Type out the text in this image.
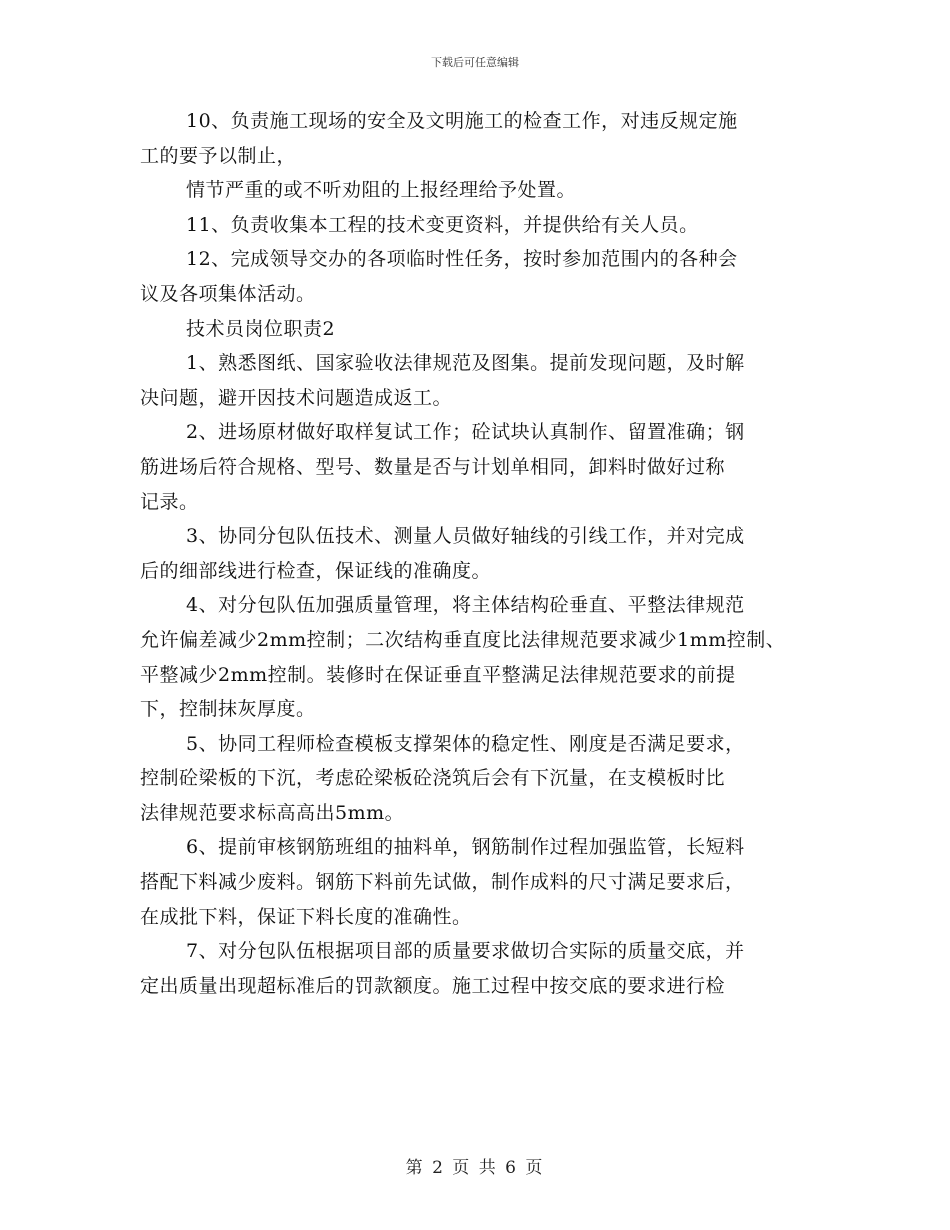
下载后可任意编辑
10、负责施工现场的安全及文明施工的检查工作，对违反规定施
工的要予以制止，
情节严重的或不听劝阻的上报经理给予处置。
11、负责收集本工程的技术变更资料，并提供给有关人员。
12、完成领导交办的各项临时性任务，按时参加范围内的各种会
议及各项集体活动。
技术员岗位职责2
1、熟悉图纸、国家验收法律规范及图集。提前发现问题，及时解
决问题，避开因技术问题造成返工。
2、进场原材做好取样复试工作；砼试块认真制作、留置准确；钢
筋进场后符合规格、型号、数量是否与计划单相同，卸料时做好过称
记录。
3、协同分包队伍技术、测量人员做好轴线的引线工作，并对完成
后的细部线进行检查，保证线的准确度。
4、对分包队伍加强质量管理，将主体结构砼垂直、平整法律规范
允许偏差减少2mm控制；二次结构垂直度比法律规范要求减少1mm控制、
平整减少2mm控制。装修时在保证垂直平整满足法律规范要求的前提
下，控制抹灰厚度。
5、协同工程师检查模板支撑架体的稳定性、刚度是否满足要求，
控制砼梁板的下沉，考虑砼梁板砼浇筑后会有下沉量，在支模板时比
法律规范要求标高高出5mm。
6、提前审核钢筋班组的抽料单，钢筋制作过程加强监管，长短料
搭配下料减少废料。钢筋下料前先试做，制作成料的尺寸满足要求后，
在成批下料，保证下料长度的准确性。
7、对分包队伍根据项目部的质量要求做切合实际的质量交底，并
定出质量出现超标准后的罚款额度。施工过程中按交底的要求进行检
第 2 页 共 6 页
